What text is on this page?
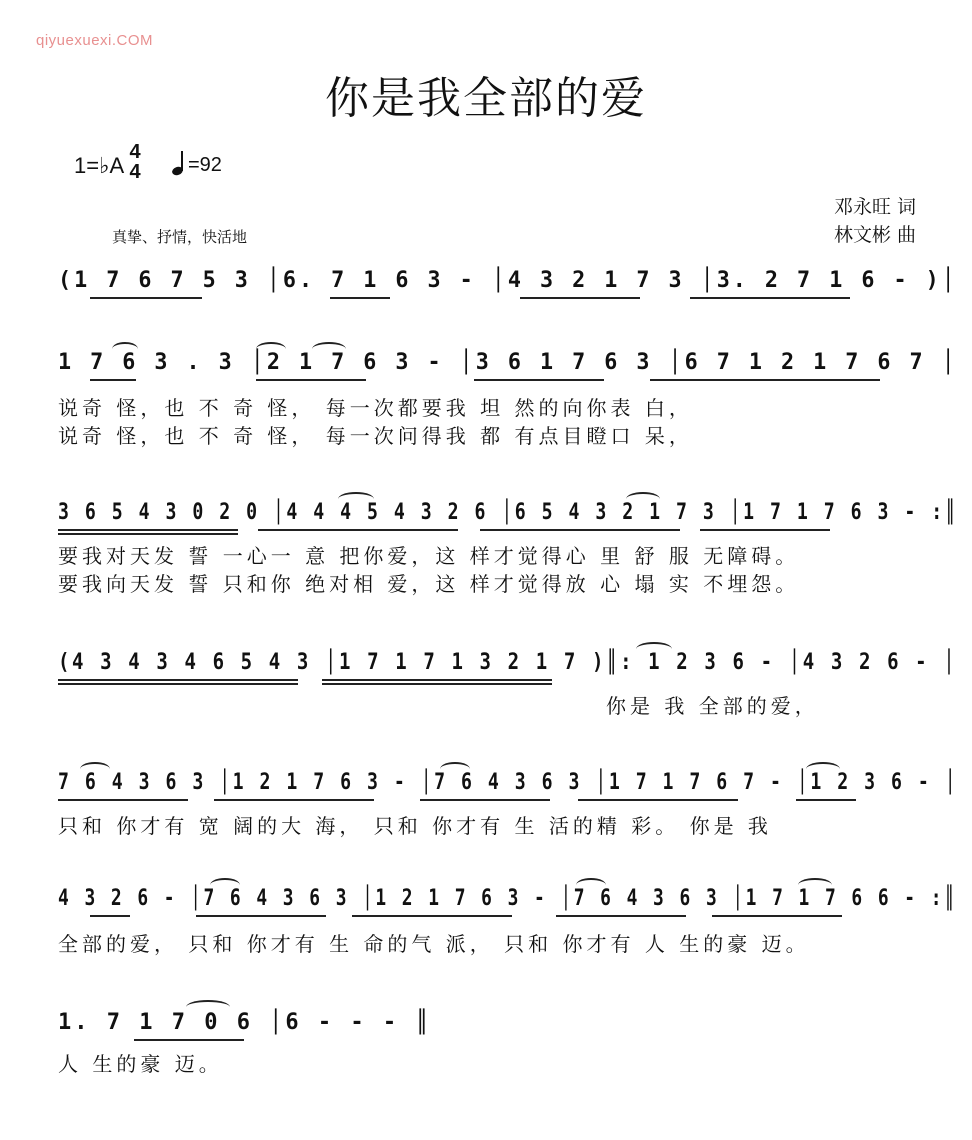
qiyuexuexi.COM
你是我全部的爱
1=♭A
4
4 =92
邓永旺 词
林文彬 曲
真挚、抒情，快活地
(1 7 6 7 5 3 │6. 7 1 6 3 - │4 3 2 1 7 3 │3. 2 7 1 6 - )│
1 7 6 3 . 3 │2 1 7 6 3 - │3 6 1 7 6 3 │6 7 1 2 1 7 6 7 │
说奇 怪，也 不 奇 怪， 每一次都要我 坦 然的向你表 白，
说奇 怪，也 不 奇 怪， 每一次问得我 都 有点目瞪口 呆，
3 6 5 4 3 0 2 0 │4 4 4 5 4 3 2 6 │6 5 4 3 2 1 7 3 │1 7 1 7 6 3 - :║
要我对天发 誓 一心一 意 把你爱，这 样才觉得心 里 舒 服 无障碍。
要我向天发 誓 只和你 绝对相 爱，这 样才觉得放 心 塌 实 不埋怨。
(4 3 4 3 4 6 5 4 3 │1 7 1 7 1 3 2 1 7 )║: 1 2 3 6 - │4 3 2 6 - │
你是 我 全部的爱，
7 6 4 3 6 3 │1 2 1 7 6 3 - │7 6 4 3 6 3 │1 7 1 7 6 7 - │1 2 3 6 - │
只和 你才有 宽 阔的大 海， 只和 你才有 生 活的精 彩。 你是 我
4 3 2 6 - │7 6 4 3 6 3 │1 2 1 7 6 3 - │7 6 4 3 6 3 │1 7 1 7 6 6 - :║
全部的爱， 只和 你才有 生 命的气 派， 只和 你才有 人 生的豪 迈。
1. 7 1 7 0 6 │6 - - - ║
人 生的豪 迈。
